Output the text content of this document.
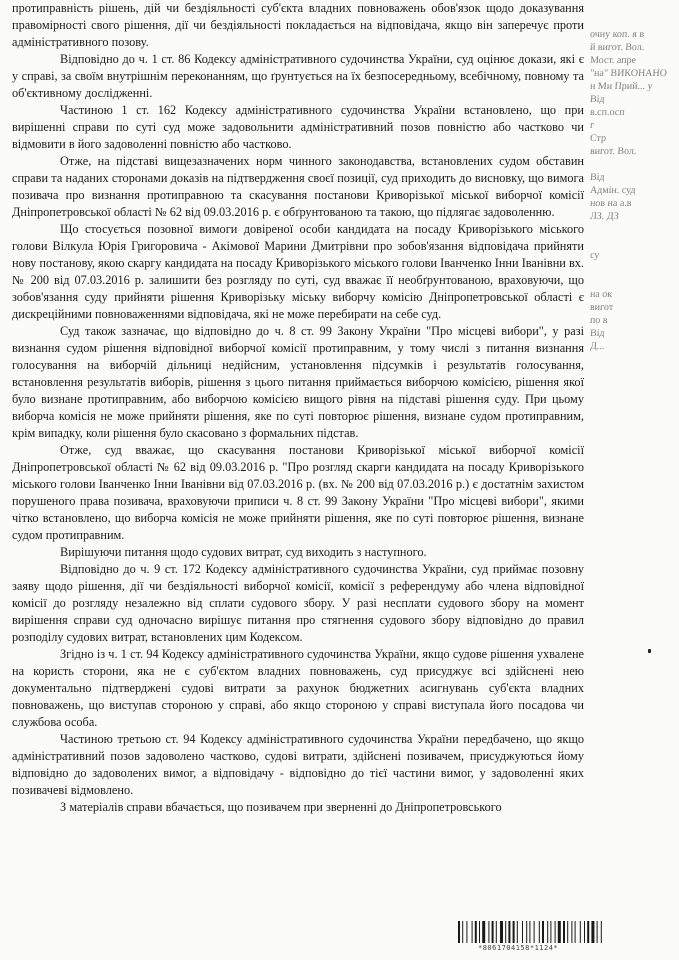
протиправність рішень, дій чи бездіяльності суб'єкта владних повноважень обов'язок щодо доказування правомірності свого рішення, дії чи бездіяльності покладається на відповідача, якщо він заперечує проти адміністративного позову.

Відповідно до ч. 1 ст. 86 Кодексу адміністративного судочинства України, суд оцінює докази, які є у справі, за своїм внутрішнім переконанням, що ґрунтується на їх безпосередньому, всебічному, повному та об'єктивному дослідженні.

Частиною 1 ст. 162 Кодексу адміністративного судочинства України встановлено, що при вирішенні справи по суті суд може задовольнити адміністративний позов повністю або частково чи відмовити в його задоволенні повністю або частково.

Отже, на підставі вищезазначених норм чинного законодавства, встановлених судом обставин справи та наданих сторонами доказів на підтвердження своєї позиції, суд приходить до висновку, що вимога позивача про визнання протиправною та скасування постанови Криворізької міської виборчої комісії Дніпропетровської області № 62 від 09.03.2016 р. є обґрунтованою та такою, що підлягає задоволенню.

Що стосується позовної вимоги довіреної особи кандидата на посаду Криворізького міського голови Вілкула Юрія Григоровича - Акімової Марини Дмитрівни про зобов'язання відповідача прийняти нову постанову, якою скаргу кандидата на посаду Криворізького міського голови Іванченко Інни Іванівни вх. № 200 від 07.03.2016 р. залишити без розгляду по суті, суд вважає її необґрунтованою, враховуючи, що зобов'язання суду прийняти рішення Криворізьку міську виборчу комісію Дніпропетровської області є дискреційними повноваженнями відповідача, які не може перебирати на себе суд.

Суд також зазначає, що відповідно до ч. 8 ст. 99 Закону України "Про місцеві вибори", у разі визнання судом рішення відповідної виборчої комісії протиправним, у тому числі з питання визнання голосування на виборчій дільниці недійсним, установлення підсумків і результатів голосування, встановлення результатів виборів, рішення з цього питання приймається виборчою комісією, рішення якої було визнане протиправним, або виборчою комісією вищого рівня на підставі рішення суду. При цьому виборча комісія не може прийняти рішення, яке по суті повторює рішення, визнане судом протиправним, крім випадку, коли рішення було скасовано з формальних підстав.

Отже, суд вважає, що скасування постанови Криворізької міської виборчої комісії Дніпропетровської області № 62 від 09.03.2016 р. "Про розгляд скарги кандидата на посаду Криворізького міського голови Іванченко Інни Іванівни від 07.03.2016 р. (вх. № 200 від 07.03.2016 р.) є достатнім захистом порушеного права позивача, враховуючи приписи ч. 8 ст. 99 Закону України "Про місцеві вибори", якими чітко встановлено, що виборча комісія не може прийняти рішення, яке по суті повторює рішення, визнане судом протиправним.

Вирішуючи питання щодо судових витрат, суд виходить з наступного.

Відповідно до ч. 9 ст. 172 Кодексу адміністративного судочинства України, суд приймає позовну заяву щодо рішення, дії чи бездіяльності виборчої комісії, комісії з референдуму або члена відповідної комісії до розгляду незалежно від сплати судового збору. У разі несплати судового збору на момент вирішення справи суд одночасно вирішує питання про стягнення судового збору відповідно до правил розподілу судових витрат, встановлених цим Кодексом.

Згідно із ч. 1 ст. 94 Кодексу адміністративного судочинства України, якщо судове рішення ухвалене на користь сторони, яка не є суб'єктом владних повноважень, суд присуджує всі здійснені нею документально підтверджені судові витрати за рахунок бюджетних асигнувань суб'єкта владних повноважень, що виступав стороною у справі, або якщо стороною у справі виступала його посадова чи службова особа.

Частиною третьою ст. 94 Кодексу адміністративного судочинства України передбачено, що якщо адміністративний позов задоволено частково, судові витрати, здійснені позивачем, присуджуються йому відповідно до задоволених вимог, а відповідачу - відповідно до тієї частини вимог, у задоволенні яких позивачеві відмовлено.

З матеріалів справи вбачається, що позивачем при зверненні до Дніпропетровського

очну коп. я в
й вигот. Вол.
Мост. апре
"на" ВИКОНАНО
н Ми Прий... у
Від
в.сп.осп
г
Стр
вигот. Вол.

Від
Адмін. суд
нов на а.в
ЛЗ. ДЗ

су

на ок
вигот
по в
Від
Д...
*8061704158*1124*
